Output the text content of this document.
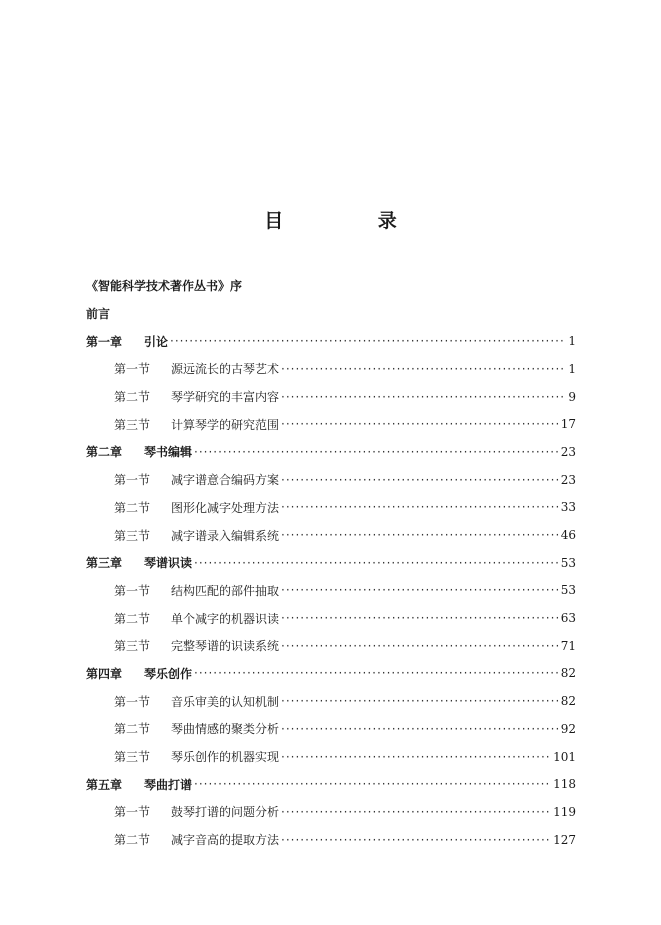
目 录
《智能科学技术著作丛书》序
前言
第一章	引论 ·····	1
第一节	源远流长的古琴艺术 ·····	1
第二节	琴学研究的丰富内容 ·····	9
第三节	计算琴学的研究范围 ·····	17
第二章	琴书编辑 ·····	23
第一节	减字谱意合编码方案 ·····	23
第二节	图形化减字处理方法 ·····	33
第三节	减字谱录入编辑系统 ·····	46
第三章	琴谱识读 ·····	53
第一节	结构匹配的部件抽取 ·····	53
第二节	单个减字的机器识读 ·····	63
第三节	完整琴谱的识读系统 ·····	71
第四章	琴乐创作 ·····	82
第一节	音乐审美的认知机制 ·····	82
第二节	琴曲情感的聚类分析 ·····	92
第三节	琴乐创作的机器实现 ·····	101
第五章	琴曲打谱 ·····	118
第一节	鼓琴打谱的问题分析 ·····	119
第二节	减字音高的提取方法 ·····	127
